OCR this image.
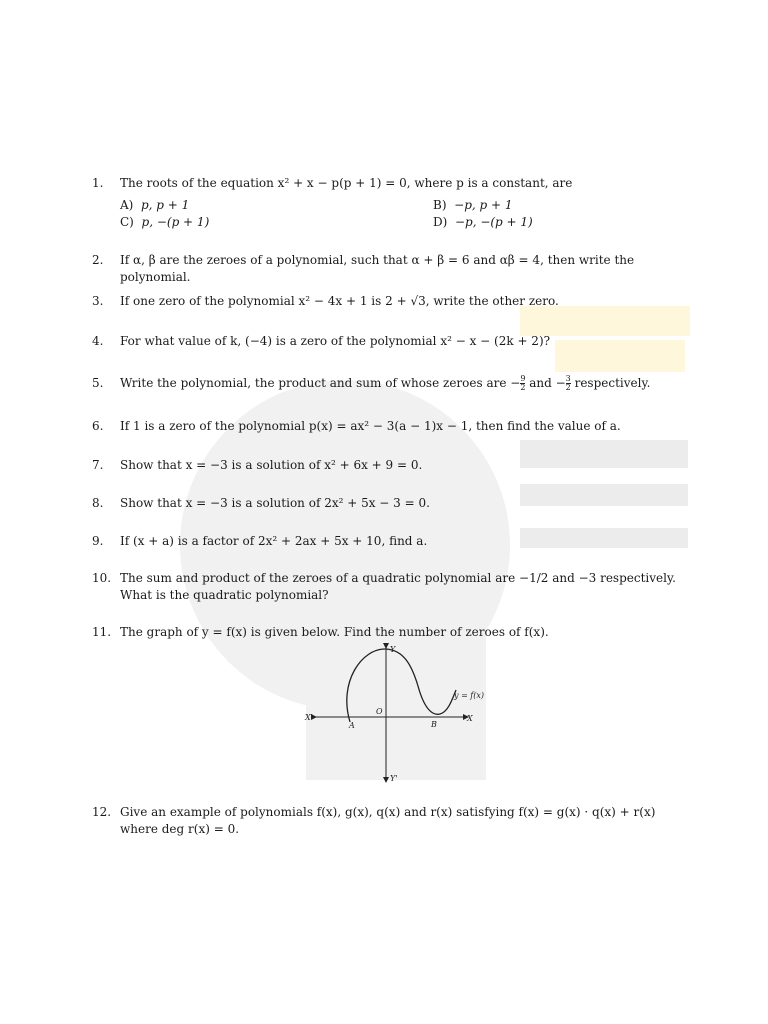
1.	The roots of the equation x² + x − p(p + 1) = 0, where p is a constant, are
A) p, p + 1	B) −p, p + 1
C) p, −(p + 1)	D) −p, −(p + 1)
2.	If α, β are the zeroes of a polynomial, such that α + β = 6 and αβ = 4, then write the polynomial.
3.	If one zero of the polynomial x² − 4x + 1 is 2 + √3, write the other zero.
4.	For what value of k, (−4) is a zero of the polynomial x² − x − (2k + 2)?
5.	Write the polynomial, the product and sum of whose zeroes are − $\frac{9}{2}$ and − $\frac{3}{2}$ respectively.
6.	If 1 is a zero of the polynomial p(x) = ax² − 3(a − 1)x − 1, then find the value of a.
7.	Show that x = −3 is a solution of x² + 6x + 9 = 0.
8.	Show that x = −3 is a solution of 2x² + 5x − 3 = 0.
9.	If (x + a) is a factor of 2x² + 2ax + 5x + 10, find a.
10. The sum and product of the zeroes of a quadratic polynomial are −1/2 and −3 respectively. What is the quadratic polynomial?
11. The graph of y = f(x) is given below. Find the number of zeroes of f(x).
Y
Y'
X
X'
O
A	B
y = f(x)
12. Give an example of polynomials f(x), g(x), q(x) and r(x) satisfying f(x) = g(x) · q(x) + r(x) where deg r(x) = 0.
